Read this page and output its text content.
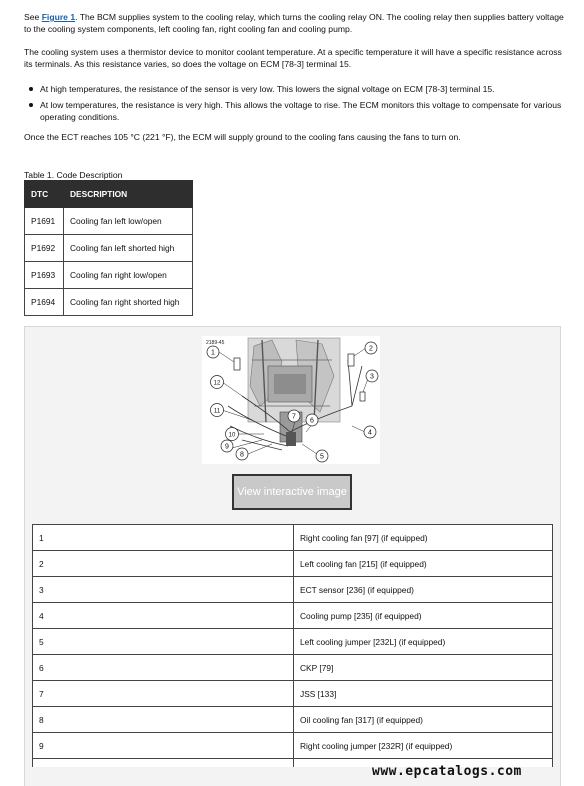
See Figure 1. The BCM supplies system to the cooling relay, which turns the cooling relay ON. The cooling relay then supplies battery voltage to the cooling system components, left cooling fan, right cooling fan and cooling pump.

The cooling system uses a thermistor device to monitor coolant temperature. At a specific temperature it will have a specific resistance across its terminals. As this resistance varies, so does the voltage on ECM [78-3] terminal 15.

At high temperatures, the resistance of the sensor is very low. This lowers the signal voltage on ECM [78-3] terminal 15.
At low temperatures, the resistance is very high. This allows the voltage to rise. The ECM monitors this voltage to compensate for various operating conditions.

Once the ECT reaches 105 °C (221 °F), the ECM will supply ground to the cooling fans causing the fans to turn on.

Table 1. Code Description
DTC	DESCRIPTION
P1691	Cooling fan left low/open
P1692	Cooling fan left shorted high
P1693	Cooling fan right low/open
P1694	Cooling fan right shorted high
2189-45
1
2
3
4
5
6
7
8
9
10
11
12
View interactive image
1	Right cooling fan [97] (if equipped)
2	Left cooling fan [215] (if equipped)
3	ECT sensor [236] (if equipped)
4	Cooling pump [235] (if equipped)
5	Left cooling jumper [232L] (if equipped)
6	CKP [79]
7	JSS [133]
8	Oil cooling fan [317] (if equipped)
9	Right cooling jumper [232R] (if equipped)

www.epcatalogs.com
